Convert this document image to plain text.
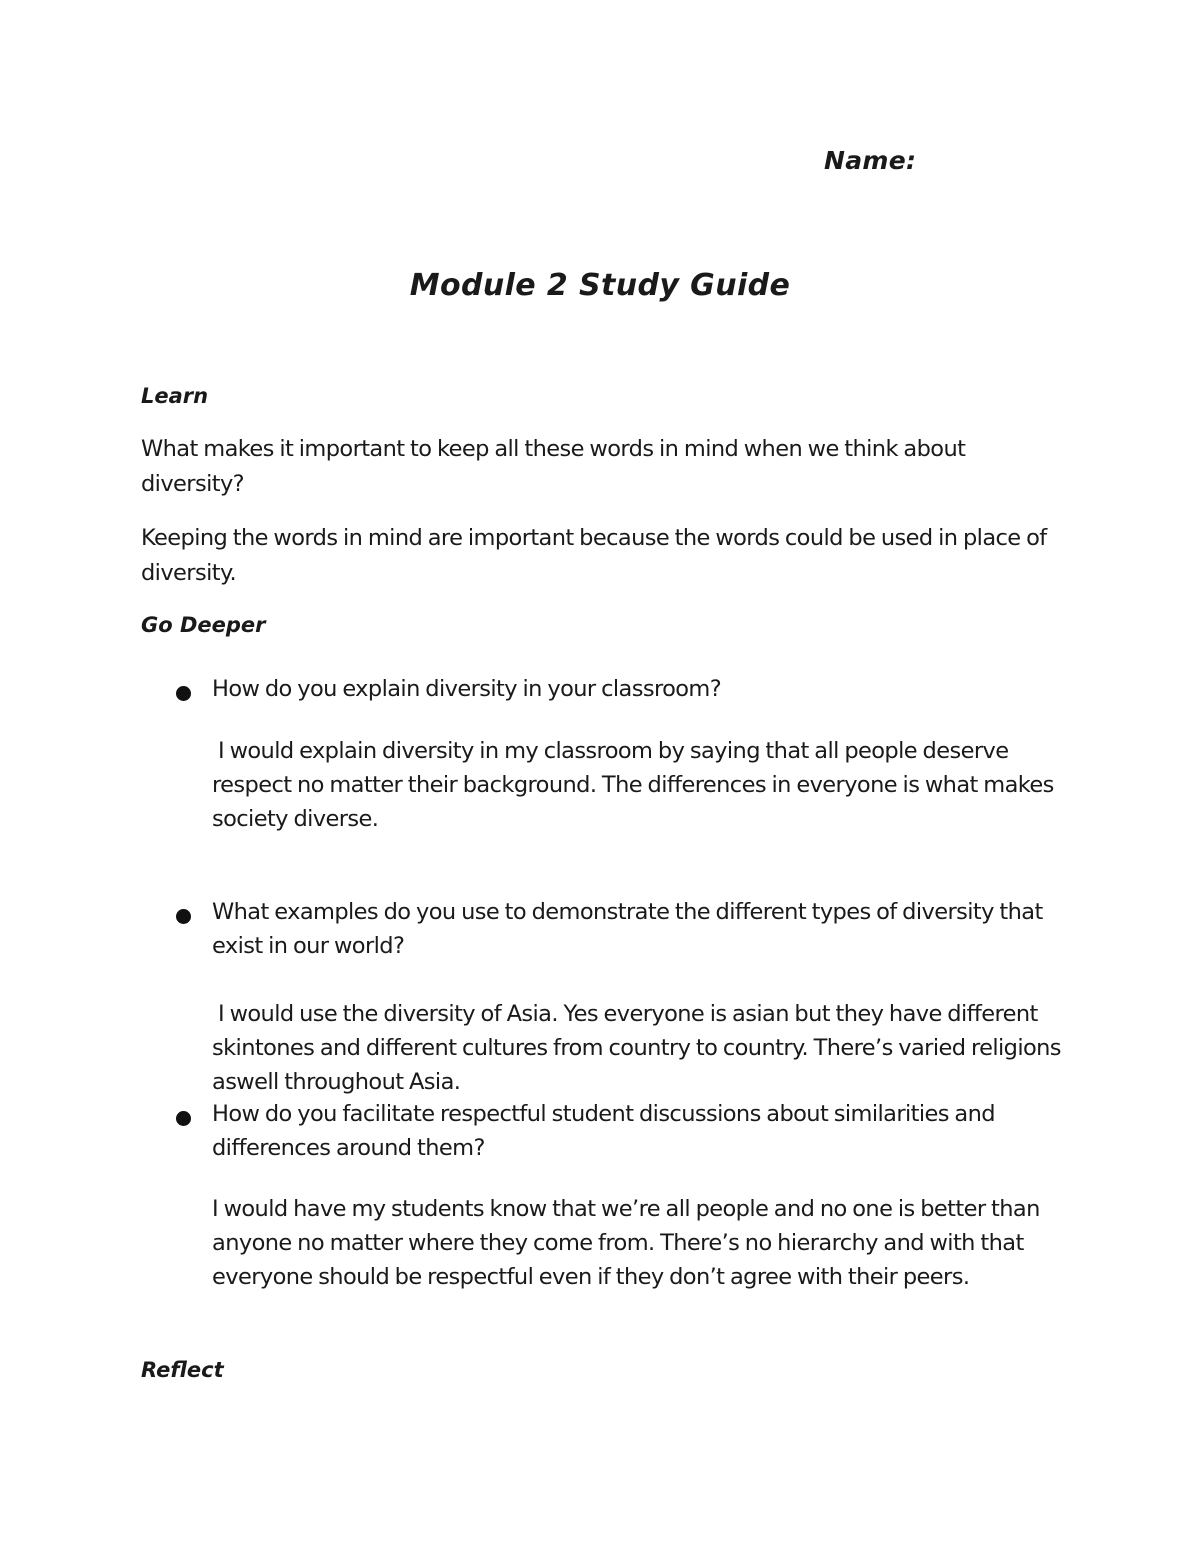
Name:
Module 2 Study Guide
Learn

What makes it important to keep all these words in mind when we think about diversity?

Keeping the words in mind are important because the words could be used in place of diversity.

Go Deeper

How do you explain diversity in your classroom?

I would explain diversity in my classroom by saying that all people deserve respect no matter their background. The differences in everyone is what makes society diverse.

What examples do you use to demonstrate the different types of diversity that exist in our world?

I would use the diversity of Asia. Yes everyone is asian but they have different skintones and different cultures from country to country. There’s varied religions aswell throughout Asia.

How do you facilitate respectful student discussions about similarities and differences around them?

I would have my students know that we’re all people and no one is better than anyone no matter where they come from. There’s no hierarchy and with that everyone should be respectful even if they don’t agree with their peers.

Reflect
